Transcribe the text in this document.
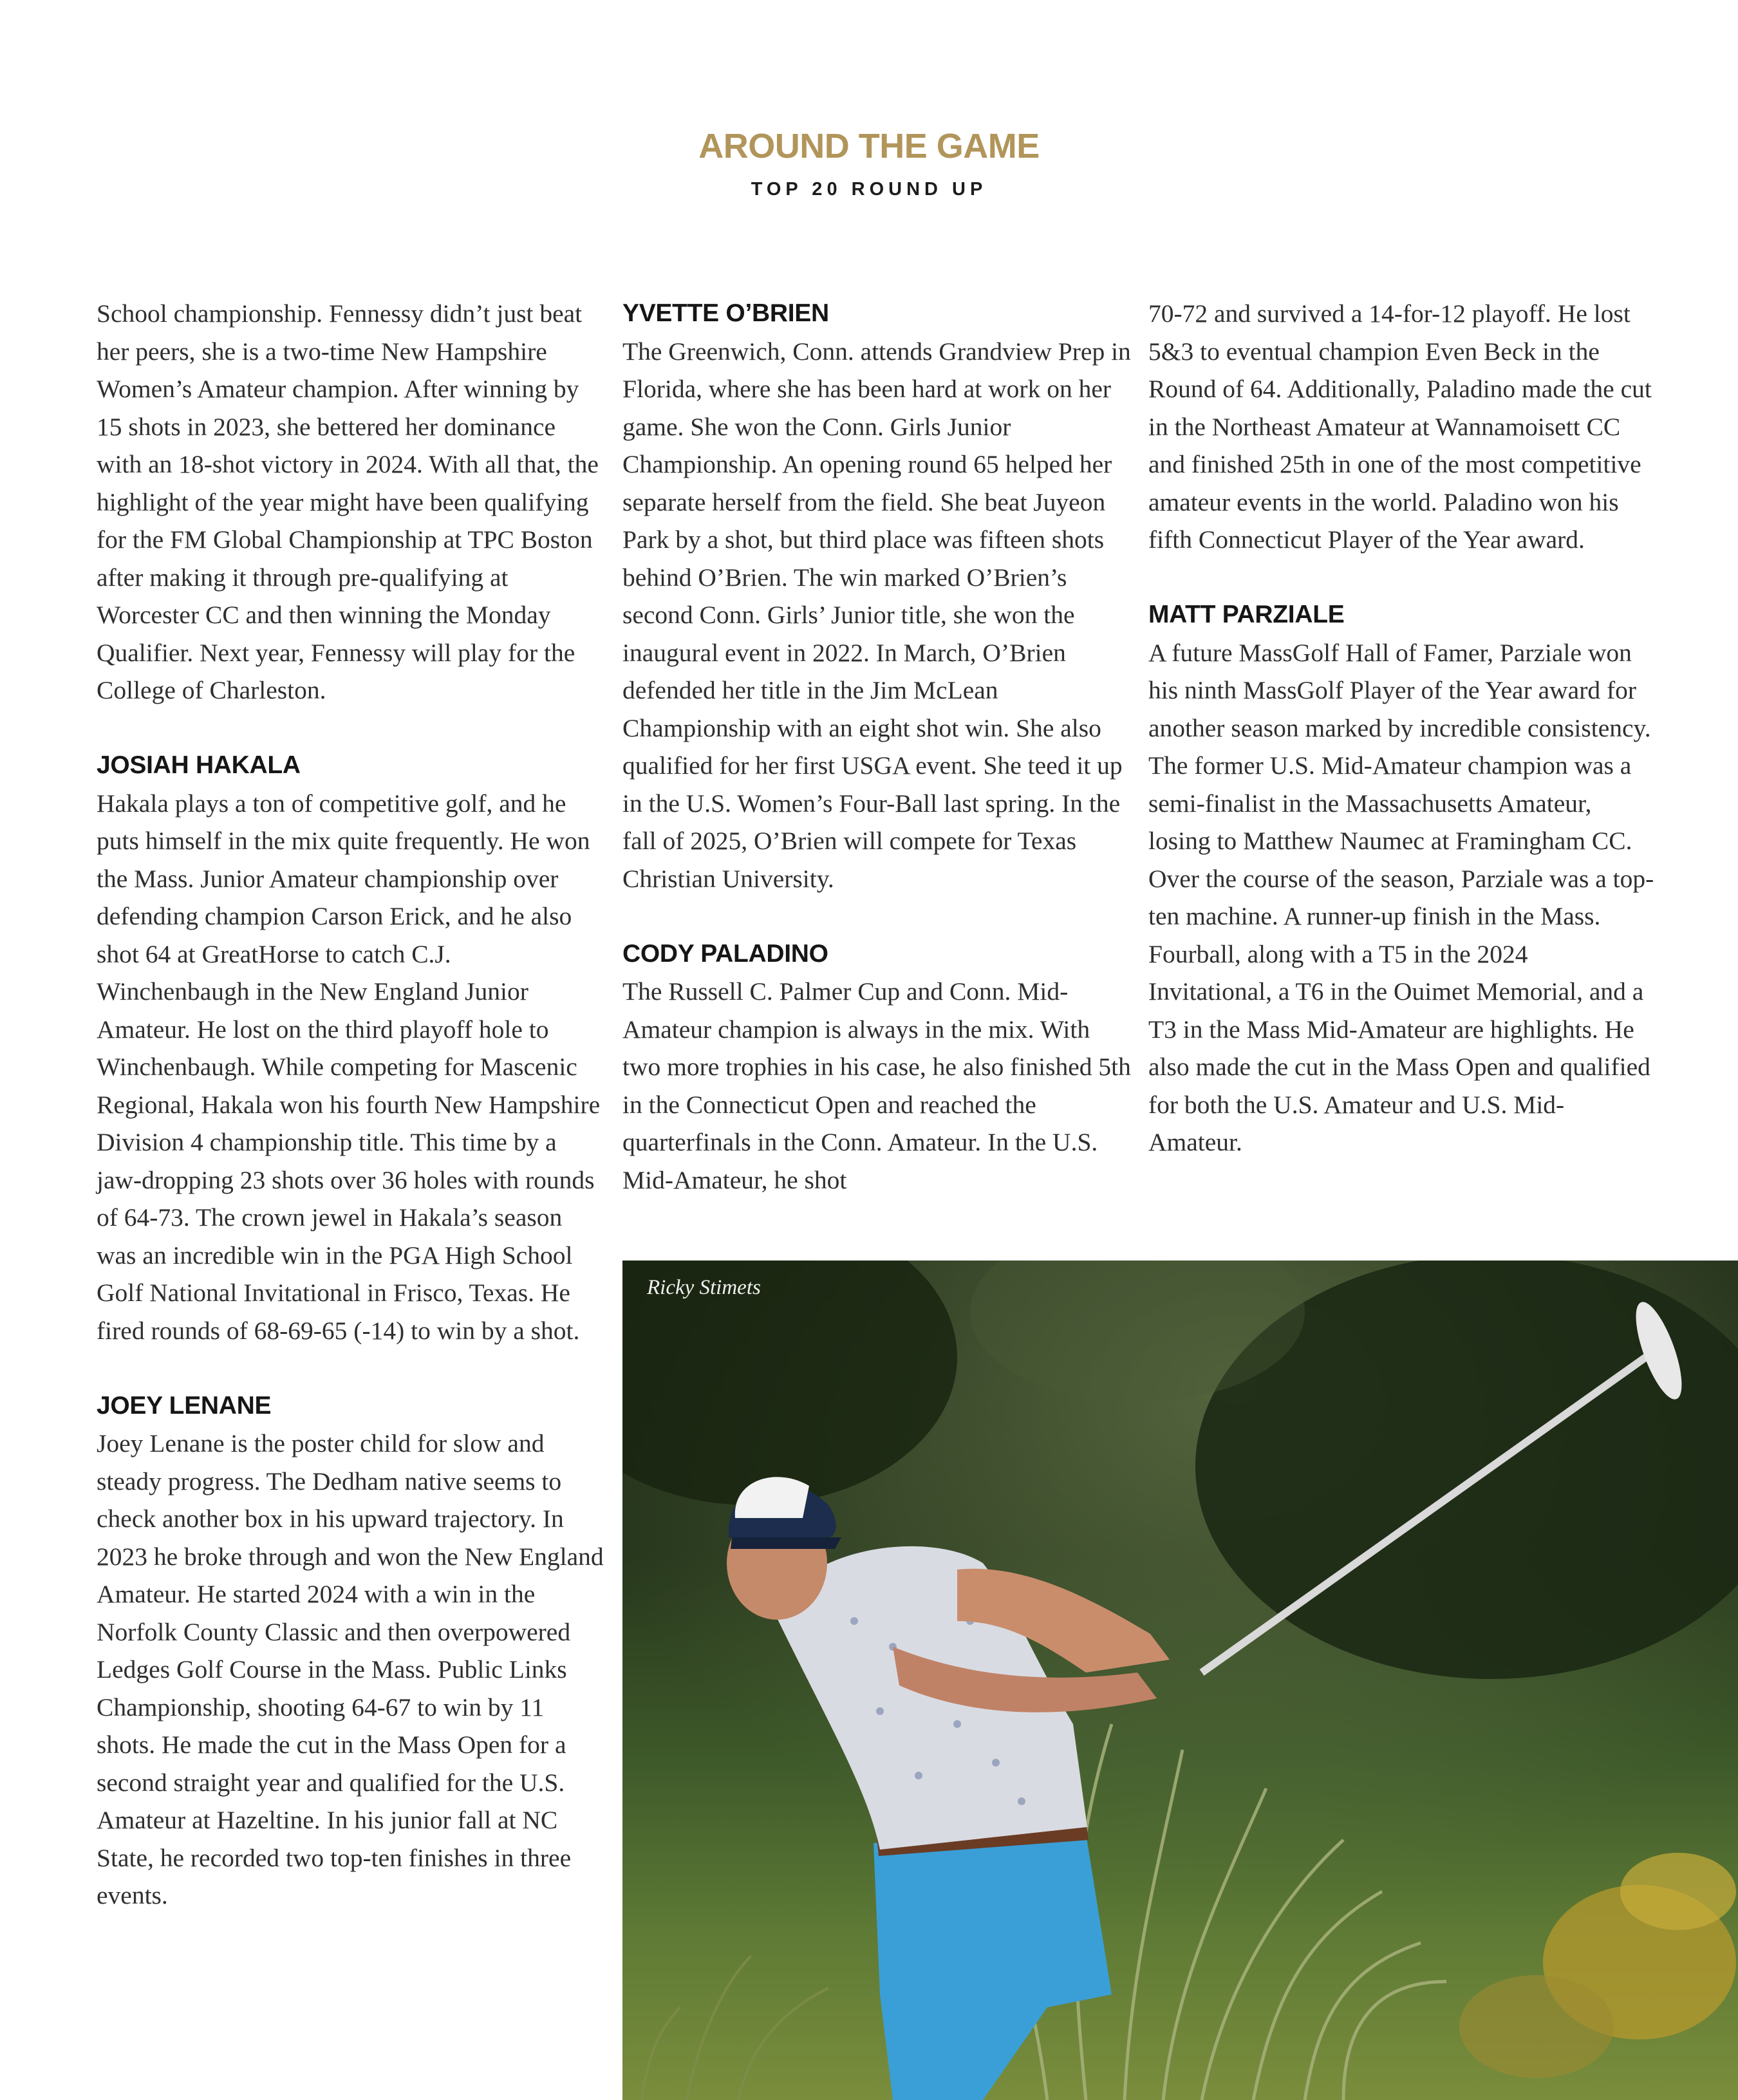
AROUND THE GAME
TOP 20 ROUND UP

School championship. Fennessy didn’t just beat her peers, she is a two-time New Hampshire Women’s Amateur champion. After winning by 15 shots in 2023, she bettered her dominance with an 18-shot victory in 2024. With all that, the highlight of the year might have been qualifying for the FM Global Championship at TPC Boston after making it through pre-qualifying at Worcester CC and then winning the Monday Qualifier. Next year, Fennessy will play for the College of Charleston.

JOSIAH HAKALA

Hakala plays a ton of competitive golf, and he puts himself in the mix quite frequently. He won the Mass. Junior Amateur championship over defending champion Carson Erick, and he also shot 64 at GreatHorse to catch C.J. Winchenbaugh in the New England Junior Amateur. He lost on the third playoff hole to Winchenbaugh. While competing for Mascenic Regional, Hakala won his fourth New Hampshire Division 4 championship title. This time by a jaw-dropping 23 shots over 36 holes with rounds of 64-73. The crown jewel in Hakala’s season was an incredible win in the PGA High School Golf National Invitational in Frisco, Texas. He fired rounds of 68-69-65 (-14) to win by a shot.

JOEY LENANE

Joey Lenane is the poster child for slow and steady progress. The Dedham native seems to check another box in his upward trajectory. In 2023 he broke through and won the New England Amateur. He started 2024 with a win in the Norfolk County Classic and then overpowered Ledges Golf Course in the Mass. Public Links Championship, shooting 64-67 to win by 11 shots. He made the cut in the Mass Open for a second straight year and qualified for the U.S. Amateur at Hazeltine. In his junior fall at NC State, he recorded two top-ten finishes in three events.

YVETTE O’BRIEN

The Greenwich, Conn. attends Grandview Prep in Florida, where she has been hard at work on her game. She won the Conn. Girls Junior Championship. An opening round 65 helped her separate herself from the field. She beat Juyeon Park by a shot, but third place was fifteen shots behind O’Brien. The win marked O’Brien’s second Conn. Girls’ Junior title, she won the inaugural event in 2022. In March, O’Brien defended her title in the Jim McLean Championship with an eight shot win. She also qualified for her first USGA event. She teed it up in the U.S. Women’s Four-Ball last spring. In the fall of 2025, O’Brien will compete for Texas Christian University.

CODY PALADINO

The Russell C. Palmer Cup and Conn. Mid-Amateur champion is always in the mix. With two more trophies in his case, he also finished 5th in the Connecticut Open and reached the quarterfinals in the Conn. Amateur. In the U.S. Mid-Amateur, he shot

70-72 and survived a 14-for-12 playoff. He lost 5&3 to eventual champion Even Beck in the Round of 64. Additionally, Paladino made the cut in the Northeast Amateur at Wannamoisett CC and finished 25th in one of the most competitive amateur events in the world. Paladino won his fifth Connecticut Player of the Year award.

MATT PARZIALE

A future MassGolf Hall of Famer, Parziale won his ninth MassGolf Player of the Year award for another season marked by incredible consistency. The former U.S. Mid-Amateur champion was a semi-finalist in the Massachusetts Amateur, losing to Matthew Naumec at Framingham CC. Over the course of the season, Parziale was a top-ten machine. A runner-up finish in the Mass. Fourball, along with a T5 in the 2024 Invitational, a T6 in the Ouimet Memorial, and a T3 in the Mass Mid-Amateur are highlights. He also made the cut in the Mass Open and qualified for both the U.S. Amateur and U.S. Mid-Amateur.

Ricky Stimets
